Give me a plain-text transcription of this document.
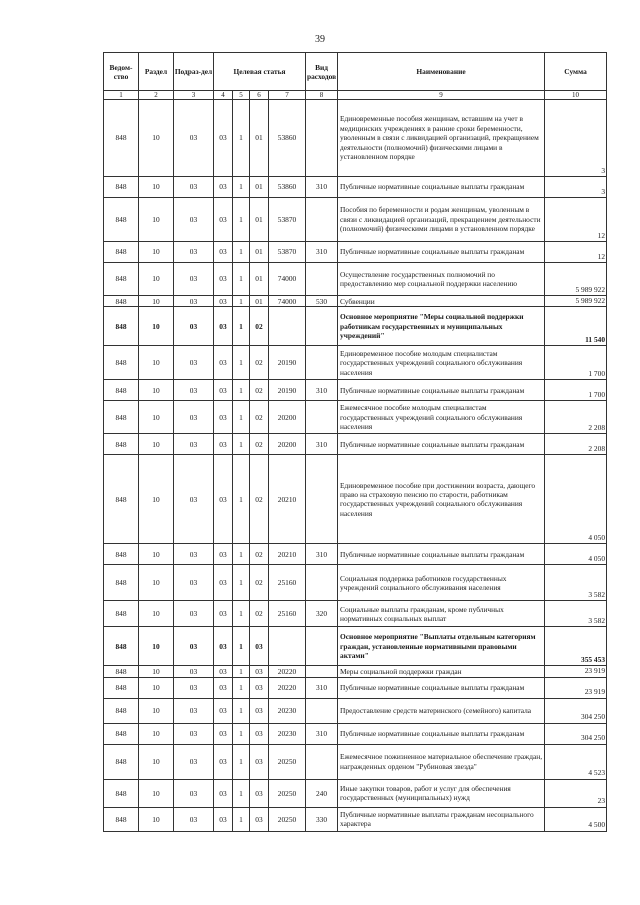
39
Ведом-ство	Раздел	Подраз-дел	Целевая статья				Вид расходов	Наименование	Сумма
1	2	3	4	5	6	7	8	9	10
848	10	03	03	1	01	53860		Единовременные пособия женщинам, вставшим на учет в медицинских учреждениях в ранние сроки беременности, уволенным в связи с ликвидацией организаций, прекращением деятельности (полномочий) физическими лицами в установленном порядке	3
848	10	03	03	1	01	53860	310	Публичные нормативные социальные выплаты гражданам	3
848	10	03	03	1	01	53870		Пособия по беременности и родам женщинам, уволенным в связи с ликвидацией организаций, прекращением деятельности (полномочий) физическими лицами в установленном порядке	12
848	10	03	03	1	01	53870	310	Публичные нормативные социальные выплаты гражданам	12
848	10	03	03	1	01	74000		Осуществление государственных полномочий по предоставлению мер социальной поддержки населению	5 989 922
848	10	03	03	1	01	74000	530	Субвенции	5 989 922
848	10	03	03	1	02			Основное мероприятие "Меры социальной поддержки работникам государственных и муниципальных учреждений"	11 540
848	10	03	03	1	02	20190		Единовременное пособие молодым специалистам государственных учреждений социального обслуживания населения	1 700
848	10	03	03	1	02	20190	310	Публичные нормативные социальные выплаты гражданам	1 700
848	10	03	03	1	02	20200		Ежемесячное пособие молодым специалистам государственных учреждений социального обслуживания населения	2 208
848	10	03	03	1	02	20200	310	Публичные нормативные социальные выплаты гражданам	2 208
848	10	03	03	1	02	20210		Единовременное пособие при достижении возраста, дающего право на страховую пенсию по старости, работникам государственных учреждений социального обслуживания населения	4 050
848	10	03	03	1	02	20210	310	Публичные нормативные социальные выплаты гражданам	4 050
848	10	03	03	1	02	25160		Социальная поддержка работников государственных учреждений социального обслуживания населения	3 582
848	10	03	03	1	02	25160	320	Социальные выплаты гражданам, кроме публичных нормативных социальных выплат	3 582
848	10	03	03	1	03			Основное мероприятие "Выплаты отдельным категориям граждан, установленные нормативными правовыми актами"	355 453
848	10	03	03	1	03	20220		Меры социальной поддержки граждан	23 919
848	10	03	03	1	03	20220	310	Публичные нормативные социальные выплаты гражданам	23 919
848	10	03	03	1	03	20230		Предоставление средств материнского (семейного) капитала	304 250
848	10	03	03	1	03	20230	310	Публичные нормативные социальные выплаты гражданам	304 250
848	10	03	03	1	03	20250		Ежемесячное пожизненное материальное обеспечение граждан, награжденных орденом "Рубиновая звезда"	4 523
848	10	03	03	1	03	20250	240	Иные закупки товаров, работ и услуг для обеспечения государственных (муниципальных) нужд	23
848	10	03	03	1	03	20250	330	Публичные нормативные выплаты гражданам несоциального характера	4 500
